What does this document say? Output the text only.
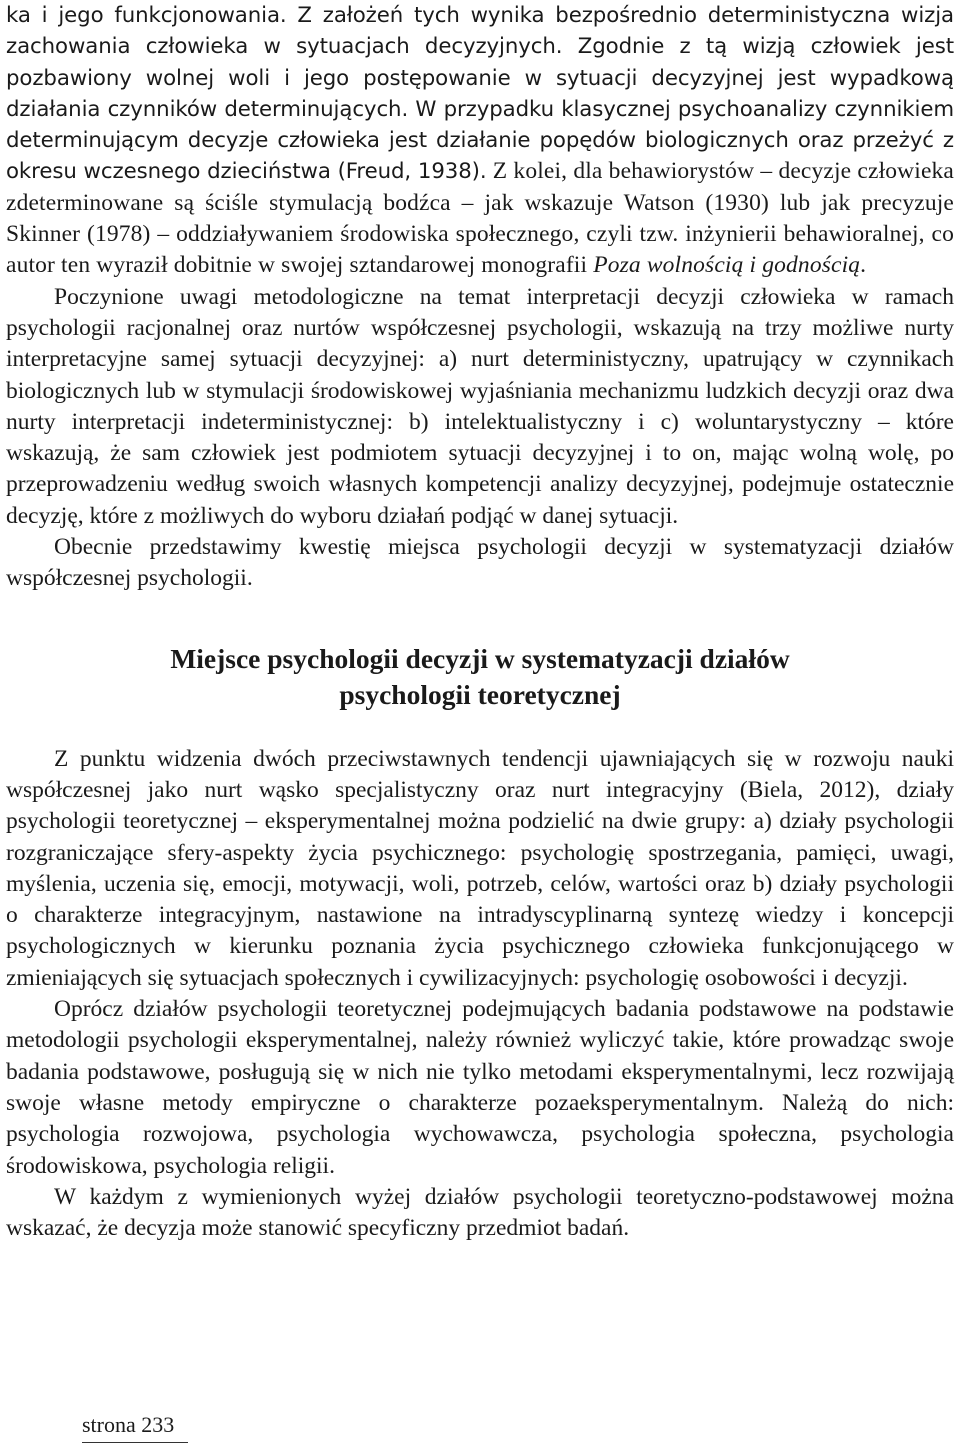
ka i jego funkcjonowania. Z założeń tych wynika bezpośrednio deterministyczna wizja zachowania człowieka w sytuacjach decyzyjnych. Zgodnie z tą wizją człowiek jest pozbawiony wolnej woli i jego postępowanie w sytuacji decyzyjnej jest wypadkową działania czynników determinujących. W przypadku klasycznej psychoanalizy czynnikiem determinującym decyzje człowieka jest działanie popędów biologicznych oraz przeżyć z okresu wczesnego dzieciństwa (Freud, 1938). Z kolei, dla behawiorystów – decyzje człowieka zdeterminowane są ściśle stymulacją bodźca – jak wskazuje Watson (1930) lub jak precyzuje Skinner (1978) – oddziaływaniem środowiska społecznego, czyli tzw. inżynierii behawioralnej, co autor ten wyraził dobitnie w swojej sztandarowej monografii Poza wolnością i godnością.

Poczynione uwagi metodologiczne na temat interpretacji decyzji człowieka w ramach psychologii racjonalnej oraz nurtów współczesnej psychologii, wskazują na trzy możliwe nurty interpretacyjne samej sytuacji decyzyjnej: a) nurt deterministyczny, upatrujący w czynnikach biologicznych lub w stymulacji środowiskowej wyjaśniania mechanizmu ludzkich decyzji oraz dwa nurty interpretacji indeterministycznej: b) intelektualistyczny i c) woluntarystyczny – które wskazują, że sam człowiek jest podmiotem sytuacji decyzyjnej i to on, mając wolną wolę, po przeprowadzeniu według swoich własnych kompetencji analizy decyzyjnej, podejmuje ostatecznie decyzję, które z możliwych do wyboru działań podjąć w danej sytuacji.

Obecnie przedstawimy kwestię miejsca psychologii decyzji w systematyzacji działów współczesnej psychologii.

Miejsce psychologii decyzji w systematyzacji działów
psychologii teoretycznej

Z punktu widzenia dwóch przeciwstawnych tendencji ujawniających się w rozwoju nauki współczesnej jako nurt wąsko specjalistyczny oraz nurt integracyjny (Biela, 2012), działy psychologii teoretycznej – eksperymentalnej można podzielić na dwie grupy: a) działy psychologii rozgraniczające sfery-aspekty życia psychicznego: psychologię spostrzegania, pamięci, uwagi, myślenia, uczenia się, emocji, motywacji, woli, potrzeb, celów, wartości oraz b) działy psychologii o charakterze integracyjnym, nastawione na intradyscyplinarną syntezę wiedzy i koncepcji psychologicznych w kierunku poznania życia psychicznego człowieka funkcjonującego w zmieniających się sytuacjach społecznych i cywilizacyjnych: psychologię osobowości i decyzji.

Oprócz działów psychologii teoretycznej podejmujących badania podstawowe na podstawie metodologii psychologii eksperymentalnej, należy również wyliczyć takie, które prowadząc swoje badania podstawowe, posługują się w nich nie tylko metodami eksperymentalnymi, lecz rozwijają swoje własne metody empiryczne o charakterze pozaeksperymentalnym. Należą do nich: psychologia rozwojowa, psychologia wychowawcza, psychologia społeczna, psychologia środowiskowa, psychologia religii.

W każdym z wymienionych wyżej działów psychologii teoretyczno-podstawowej można wskazać, że decyzja może stanowić specyficzny przedmiot badań.

strona 233
